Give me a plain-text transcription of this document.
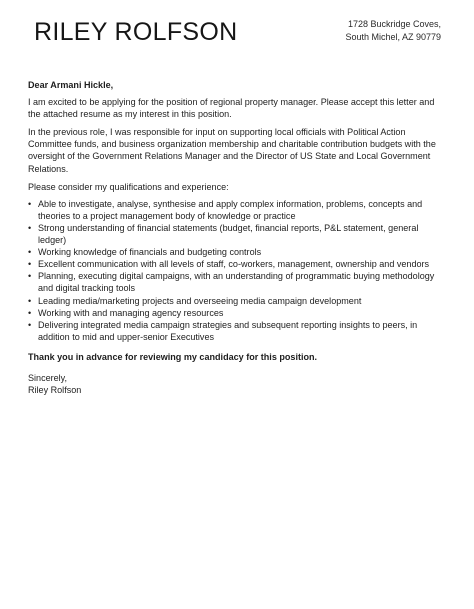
RILEY ROLFSON	1728 Buckridge Coves,
South Michel, AZ 90779

Dear Armani Hickle,

I am excited to be applying for the position of regional property manager. Please accept this letter and the attached resume as my interest in this position.

In the previous role, I was responsible for input on supporting local officials with Political Action Committee funds, and business organization membership and charitable contribution budgets with the oversight of the Government Relations Manager and the Director of US State and Local Government Relations.

Please consider my qualifications and experience:

• Able to investigate, analyse, synthesise and apply complex information, problems, concepts and theories to a project management body of knowledge or practice
• Strong understanding of financial statements (budget, financial reports, P&L statement, general ledger)
• Working knowledge of financials and budgeting controls
• Excellent communication with all levels of staff, co-workers, management, ownership and vendors
• Planning, executing digital campaigns, with an understanding of programmatic buying methodology and digital tracking tools
• Leading media/marketing projects and overseeing media campaign development
• Working with and managing agency resources
• Delivering integrated media campaign strategies and subsequent reporting insights to peers, in addition to mid and upper-senior Executives

Thank you in advance for reviewing my candidacy for this position.

Sincerely,

Riley Rolfson
